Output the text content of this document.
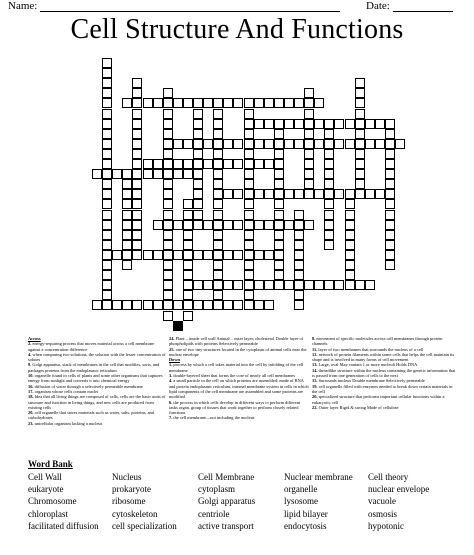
Name:	Date:
Cell Structure And Functions
Across
2. energy-requiring process that moves material across a cell membrane against a concentration difference
4. when comparing two solutions, the solution with the lesser concentration of solutes
9. Golgi apparatus, stack of membranes in the cell that modifies, sorts, and packages proteins from the endoplasmic reticulum
10. organelle found in cells of plants and some other organisms that captures energy from sunlight and converts it into chemical energy
16. diffusion of water through a selectively permeable membrane
17. organism whose cells contain nuclei
18. Idea that all living things are composed of cells, cells are the basic units of structure and function in living things, and new cells are produced from existing cells
20. cell organelle that stores materials such as water, salts, proteins, and carbohydrates
23. unicellular organism lacking a nucleus
24. Plant – inside cell wall Animal – outer layer; cholesterol Double layer of phospholipids with proteins Selectively permeable
25. one of two tiny structures located in the cytoplasm of animal cells near the nuclear envelope
Down
1. process by which a cell takes material into the cell by infolding of the cell membrane
3. double-layered sheet that forms the core of nearly all cell membranes
4. a small particle in the cell on which proteins are assembled; made of RNA and protein endoplasmic reticulum, internal membrane system in cells in which lipid components of the cell membrane are assembled and some proteins are modified
6. the process in which cells develop in different ways to perform different tasks organ, group of tissues that work together to perform closely related functions
7. the cell membrane—not including the nucleus
8. movement of specific molecules across cell membranes through protein channels
11. layer of two membranes that surrounds the nucleus of a cell
12. network of protein filaments within some cells that helps the cell maintain its shape and is involved in many forms of cell movement
13. Large, oval May contain 1 or more nucleoli Holds DNA
14. threadlike structure within the nucleus containing the genetic information that is passed from one generation of cells to the next
15. Surrounds nucleus Double membrane Selectively permeable
19. cell organelle filled with enzymes needed to break down certain materials in the cell
20. specialized structure that performs important cellular functions within a eukaryotic cell
22. Outer layer Rigid & strong Made of cellulose
Word Bank
Cell Wall	Nucleus	Cell Membrane	Nuclear membrane	Cell theory
eukaryote	prokaryote	cytoplasm	organelle	nuclear envelope
Chromosome	ribosome	Golgi apparatus	lysosome	vacuole
chloroplast	cytoskeleton	centriole	lipid bilayer	osmosis
facilitated diffusion	cell specialization	active transport	endocytosis	hypotonic
